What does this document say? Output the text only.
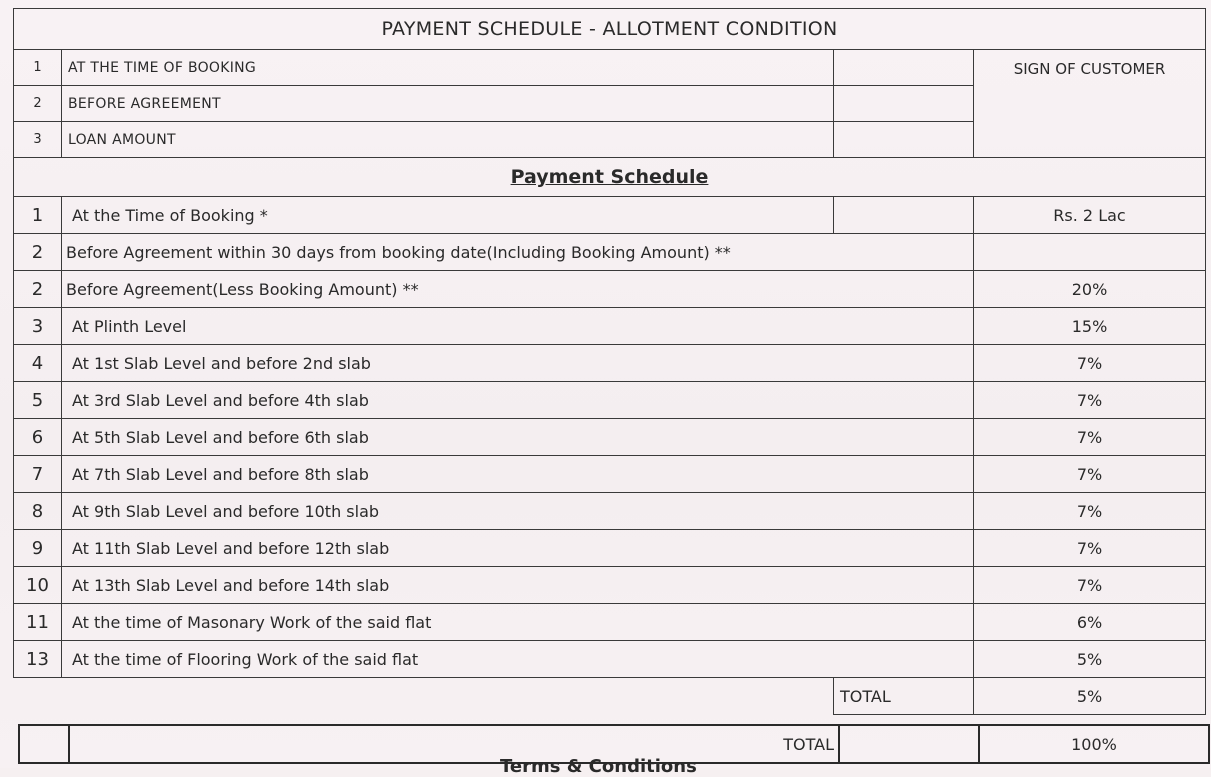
PAYMENT SCHEDULE - ALLOTMENT CONDITION			
1	AT THE TIME OF BOOKING		SIGN OF CUSTOMER
2	BEFORE AGREEMENT		
3	LOAN AMOUNT		
Payment Schedule			
1	At the Time of Booking *		Rs. 2 Lac
2	Before Agreement within 30 days from booking date(Including Booking Amount) **		
2	Before Agreement(Less Booking Amount) **		20%
3	At Plinth Level		15%
4	At 1st Slab Level and before 2nd slab		7%
5	At 3rd Slab Level and before 4th slab		7%
6	At 5th Slab Level and before 6th slab		7%
7	At 7th Slab Level and before 8th slab		7%
8	At 9th Slab Level and before 10th slab		7%
9	At 11th Slab Level and before 12th slab		7%
10	At 13th Slab Level and before 14th slab		7%
11	At the time of Masonary Work of the said flat		6%
13	At the time of Flooring Work of the said flat		5%
		TOTAL	5%
	TOTAL		100%
Terms & Conditions
